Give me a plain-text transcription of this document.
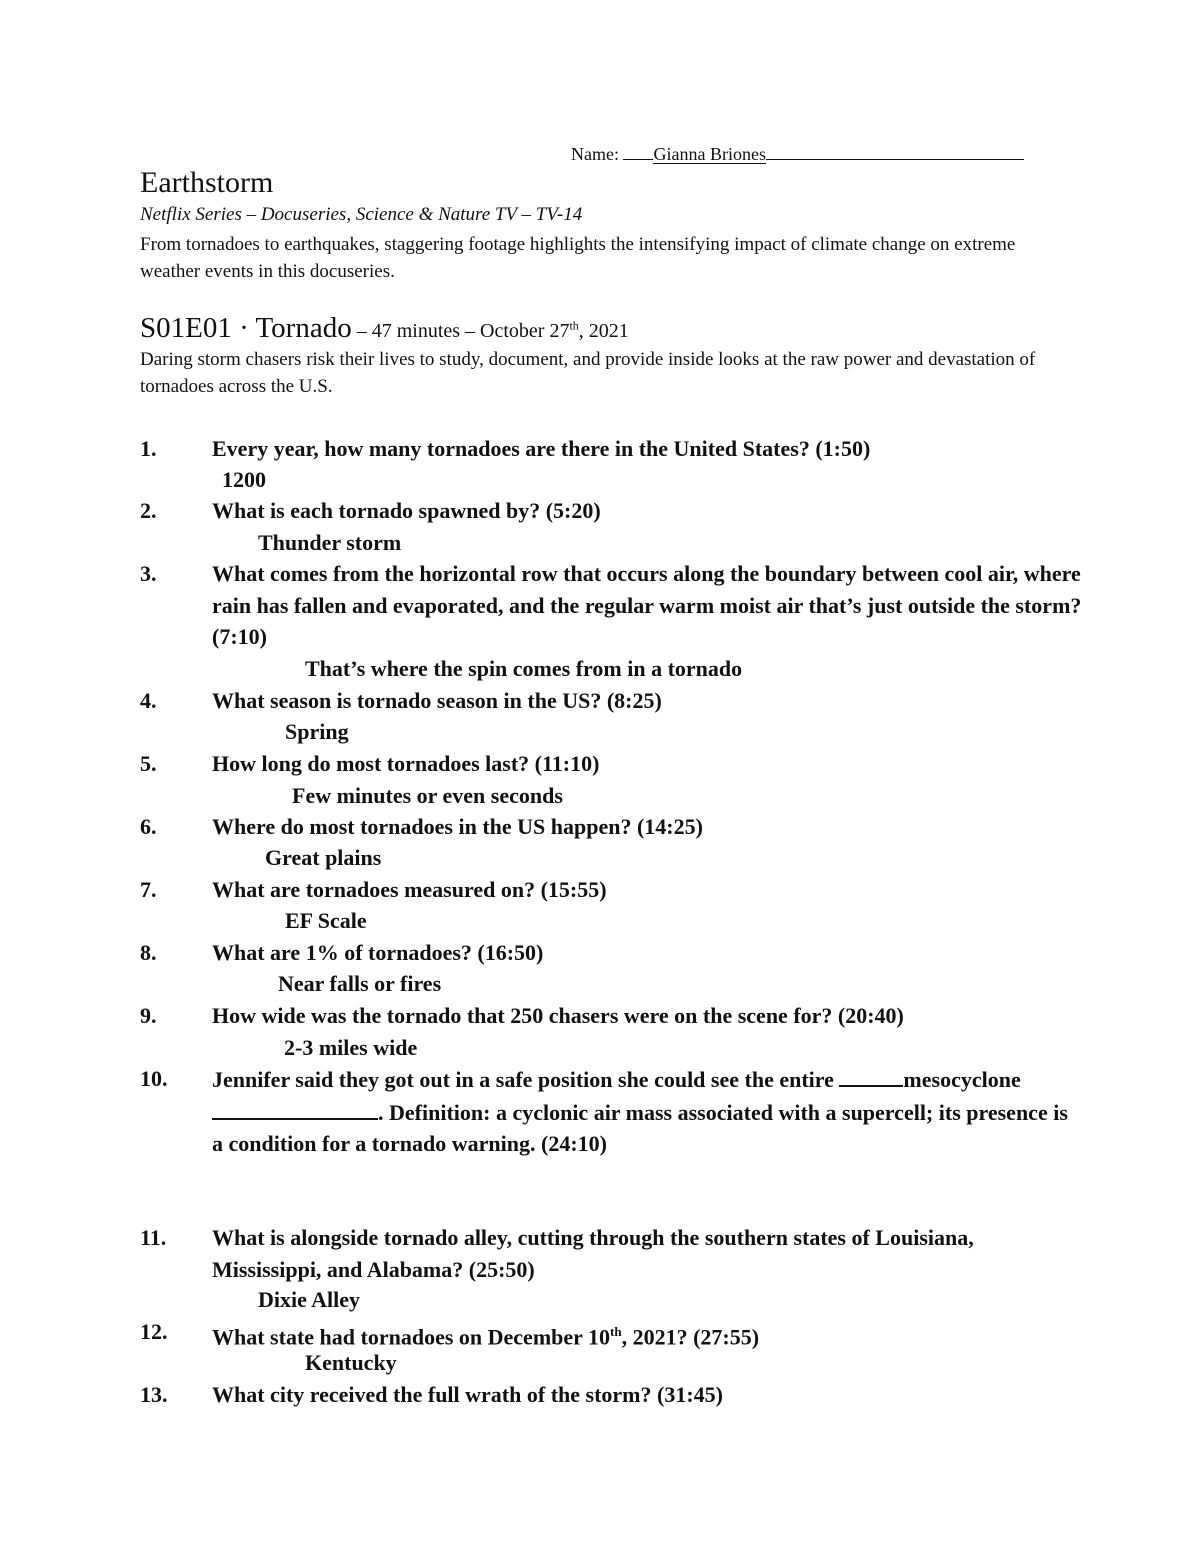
Name: Gianna Briones
Earthstorm
Netflix Series – Docuseries, Science & Nature TV – TV-14
From tornadoes to earthquakes, staggering footage highlights the intensifying impact of climate change on extreme weather events in this docuseries.
S01E01 · Tornado – 47 minutes – October 27th, 2021
Daring storm chasers risk their lives to study, document, and provide inside looks at the raw power and devastation of tornadoes across the U.S.
1.	Every year, how many tornadoes are there in the United States? (1:50)
1200
2.	What is each tornado spawned by? (5:20)
Thunder storm
3.	What comes from the horizontal row that occurs along the boundary between cool air, where rain has fallen and evaporated, and the regular warm moist air that’s just outside the storm? (7:10)
That’s where the spin comes from in a tornado
4.	What season is tornado season in the US? (8:25)
Spring
5.	How long do most tornadoes last? (11:10)
Few minutes or even seconds
6.	Where do most tornadoes in the US happen? (14:25)
Great plains
7.	What are tornadoes measured on? (15:55)
EF Scale
8.	What are 1% of tornadoes? (16:50)
Near falls or fires
9.	How wide was the tornado that 250 chasers were on the scene for? (20:40)
2-3 miles wide
10. Jennifer said they got out in a safe position she could see the entire	mesocyclone. Definition: a cyclonic air mass associated with a supercell; its presence is a condition for a tornado warning. (24:10)
11. What is alongside tornado alley, cutting through the southern states of Louisiana, Mississippi, and Alabama? (25:50)
Dixie Alley
12. What state had tornadoes on December 10th, 2021? (27:55)
Kentucky
13. What city received the full wrath of the storm? (31:45)
